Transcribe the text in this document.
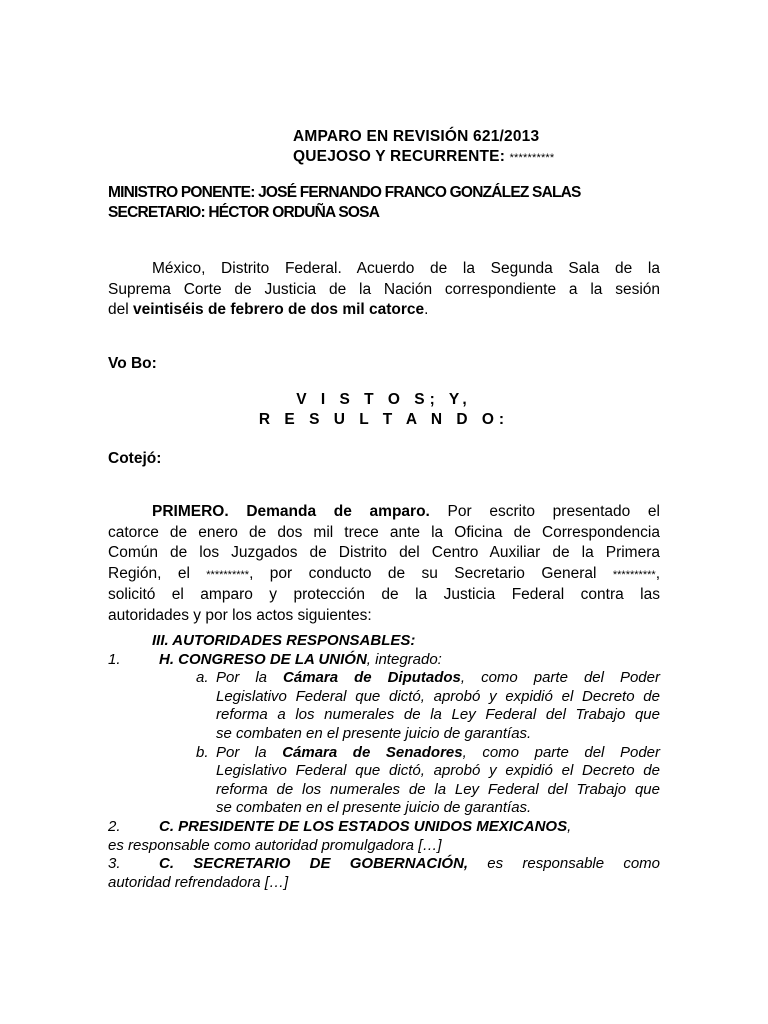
AMPARO EN REVISIÓN 621/2013
QUEJOSO Y RECURRENTE: **********
MINISTRO PONENTE: JOSÉ FERNANDO FRANCO GONZÁLEZ SALAS
SECRETARIO: HÉCTOR ORDUÑA SOSA
México, Distrito Federal. Acuerdo de la Segunda Sala de la
Suprema Corte de Justicia de la Nación correspondiente a la sesión
del veintiséis de febrero de dos mil catorce.
Vo Bo:
V I S T O S; Y,
R E S U L T A N D O:
Cotejó:
PRIMERO. Demanda de amparo. Por escrito presentado el
catorce de enero de dos mil trece ante la Oficina de Correspondencia
Común de los Juzgados de Distrito del Centro Auxiliar de la Primera
Región, el **********, por conducto de su Secretario General **********,
solicitó el amparo y protección de la Justicia Federal contra las
autoridades y por los actos siguientes:
III. AUTORIDADES RESPONSABLES:
1.	H. CONGRESO DE LA UNIÓN, integrado:
a. Por la Cámara de Diputados, como parte del Poder
Legislativo Federal que dictó, aprobó y expidió el Decreto de
reforma a los numerales de la Ley Federal del Trabajo que
se combaten en el presente juicio de garantías.
b. Por la Cámara de Senadores, como parte del Poder
Legislativo Federal que dictó, aprobó y expidió el Decreto de
reforma de los numerales de la Ley Federal del Trabajo que
se combaten en el presente juicio de garantías.
2.	C. PRESIDENTE DE LOS ESTADOS UNIDOS MEXICANOS,
es responsable como autoridad promulgadora […]
3.	C. SECRETARIO DE GOBERNACIÓN, es responsable como
autoridad refrendadora […]
